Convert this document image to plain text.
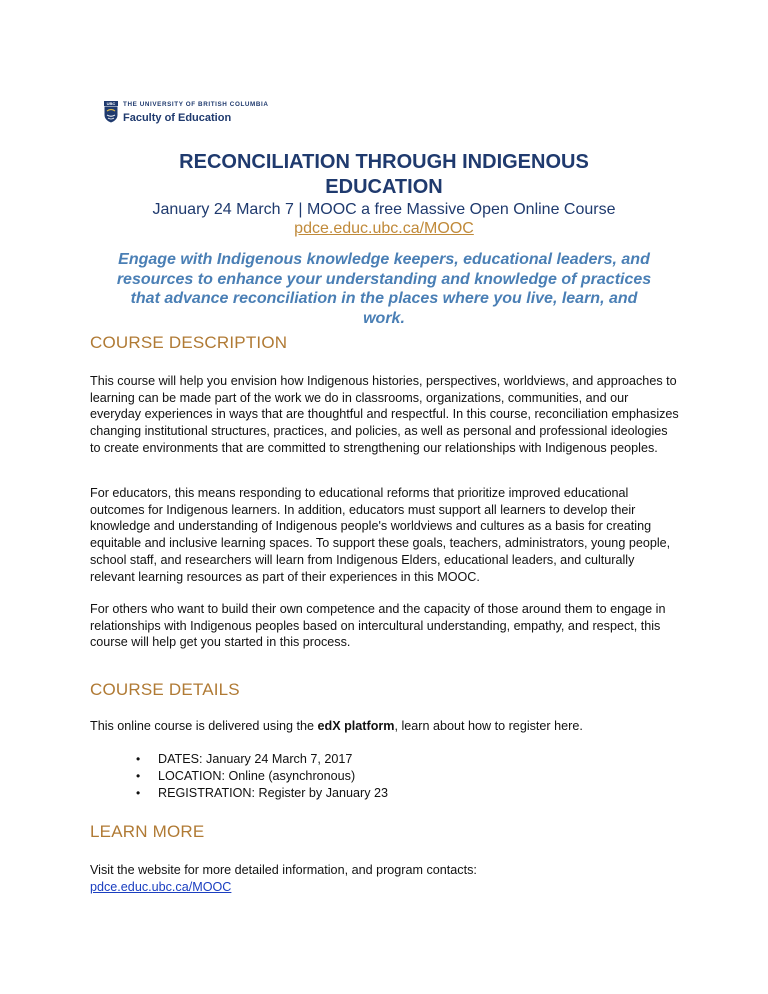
UBC	THE UNIVERSITY OF BRITISH COLUMBIA
Faculty of Education
RECONCILIATION THROUGH INDIGENOUS
EDUCATION
January 24 March 7 | MOOC a free Massive Open Online Course
pdce.educ.ubc.ca/MOOC
Engage with Indigenous knowledge keepers, educational leaders, and
resources to enhance your understanding and knowledge of practices
that advance reconciliation in the places where you live, learn, and
work.
COURSE DESCRIPTION
This course will help you envision how Indigenous histories, perspectives, worldviews, and approaches to learning can be made part of the work we do in classrooms, organizations, communities, and our everyday experiences in ways that are thoughtful and respectful. In this course, reconciliation emphasizes changing institutional structures, practices, and policies, as well as personal and professional ideologies to create environments that are committed to strengthening our relationships with Indigenous peoples.
For educators, this means responding to educational reforms that prioritize improved educational outcomes for Indigenous learners. In addition, educators must support all learners to develop their knowledge and understanding of Indigenous people's worldviews and cultures as a basis for creating equitable and inclusive learning spaces. To support these goals, teachers, administrators, young people, school staff, and researchers will learn from Indigenous Elders, educational leaders, and culturally relevant learning resources as part of their experiences in this MOOC.
For others who want to build their own competence and the capacity of those around them to engage in relationships with Indigenous peoples based on intercultural understanding, empathy, and respect, this course will help get you started in this process.
COURSE DETAILS
This online course is delivered using the edX platform, learn about how to register here.
• DATES: January 24 March 7, 2017
• LOCATION: Online (asynchronous)
• REGISTRATION: Register by January 23
LEARN MORE
Visit the website for more detailed information, and program contacts:
pdce.educ.ubc.ca/MOOC
